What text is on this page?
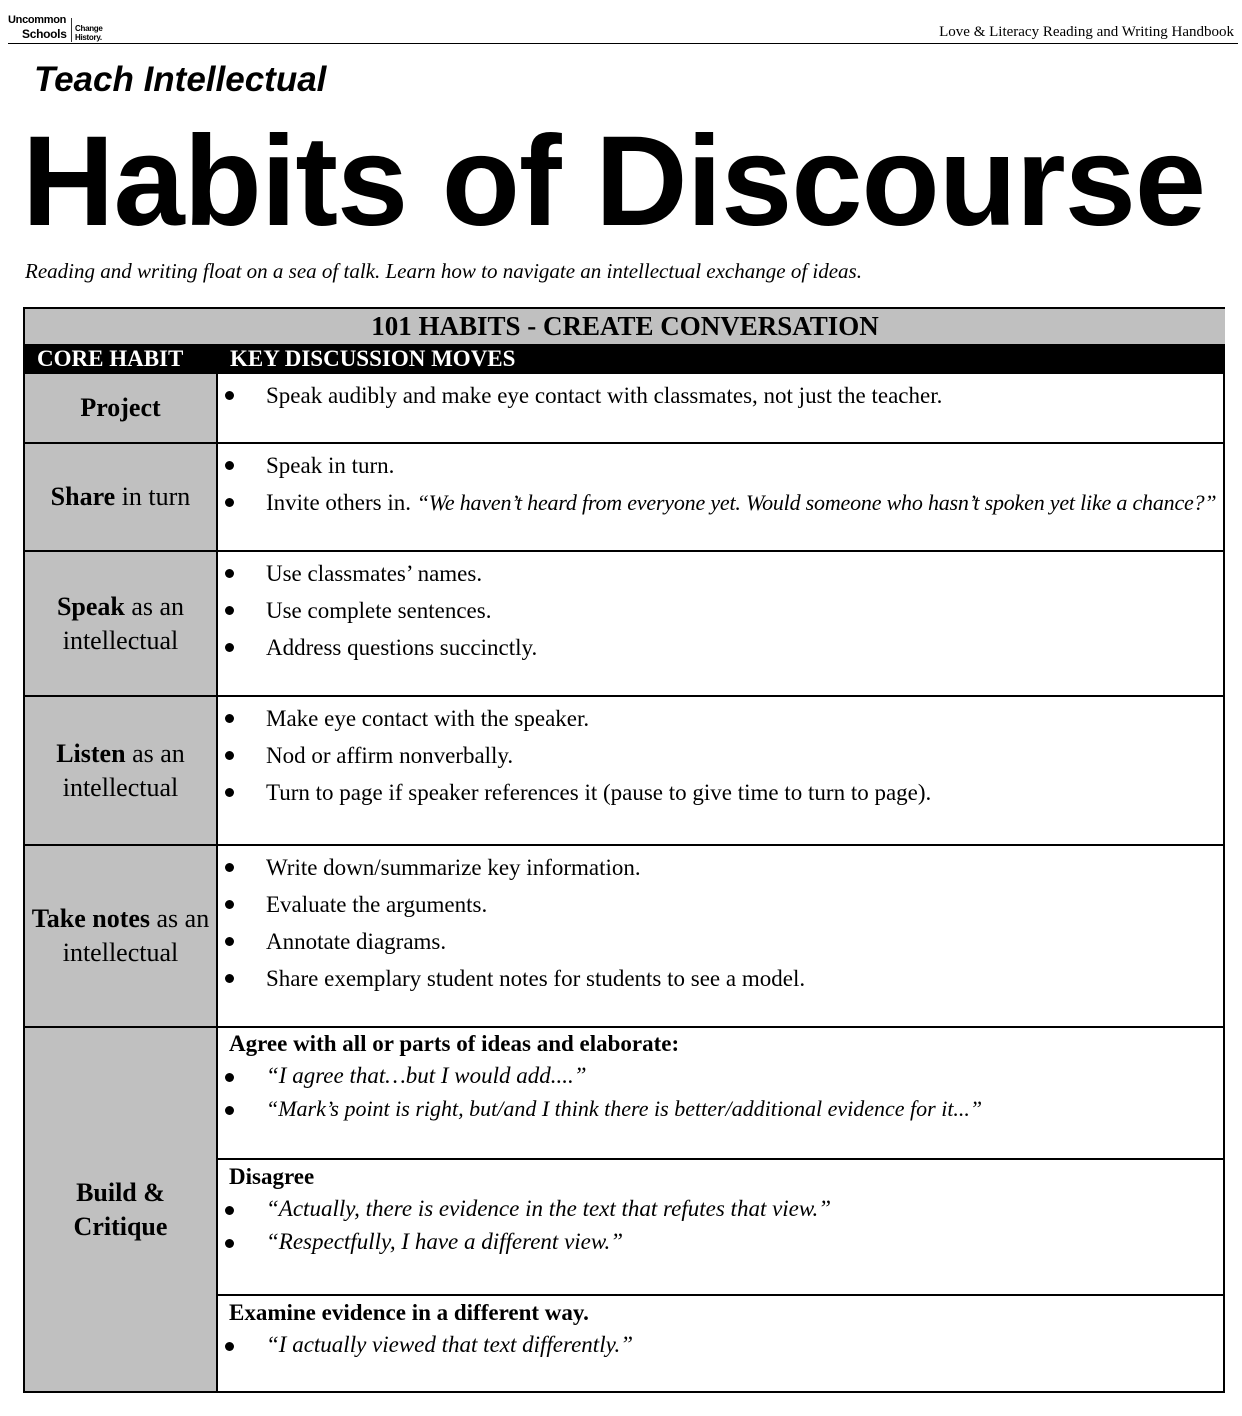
Uncommon
Schools Change History.	Love & Literacy Reading and Writing Handbook
Teach Intellectual
Habits of Discourse
Reading and writing float on a sea of talk. Learn how to navigate an intellectual exchange of ideas.
101 HABITS - CREATE CONVERSATION
CORE HABIT KEY DISCUSSION MOVES
Project	Speak audibly and make eye contact with classmates, not just the teacher.
Share in turn
Speak in turn.
Invite others in. “We haven’t heard from everyone yet. Would someone who hasn’t spoken yet like a chance?”
Speak as an intellectual
Use classmates’ names.
Use complete sentences.
Address questions succinctly.
Listen as an intellectual
Make eye contact with the speaker.
Nod or affirm nonverbally.
Turn to page if speaker references it (pause to give time to turn to page).
Take notes as an intellectual
Write down/summarize key information.
Evaluate the arguments.
Annotate diagrams.
Share exemplary student notes for students to see a model.
Build & Critique
Agree with all or parts of ideas and elaborate:
“I agree that…but I would add....”
“Mark’s point is right, but/and I think there is better/additional evidence for it...”
Disagree
“Actually, there is evidence in the text that refutes that view.”
“Respectfully, I have a different view.”
Examine evidence in a different way.
“I actually viewed that text differently.”
